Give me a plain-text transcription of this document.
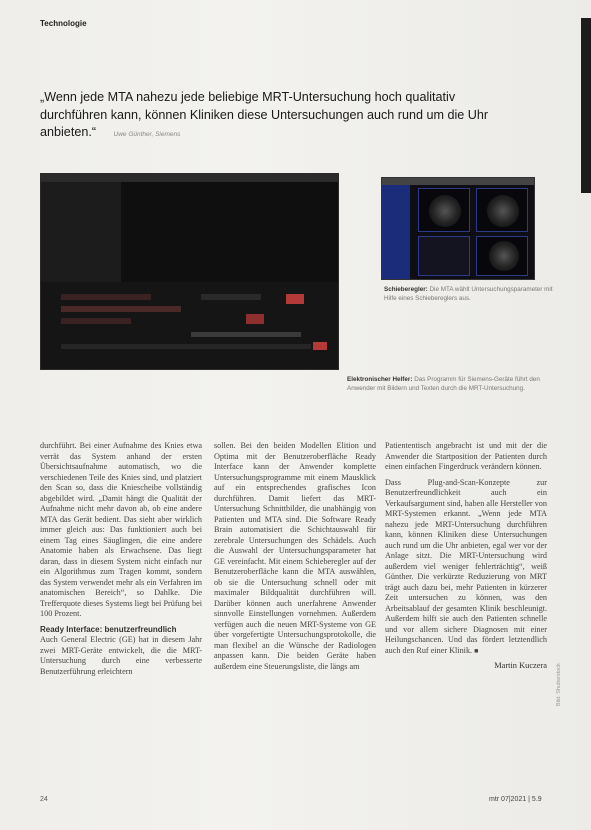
Technologie
„Wenn jede MTA nahezu jede beliebige MRT-Untersuchung hoch qualitativ durchführen kann, können Kliniken diese Untersuchungen auch rund um die Uhr anbieten.“	Uwe Günther, Siemens
Schieberegler: Die MTA wählt Untersuchungsparameter mit Hilfe eines Schiebereglers aus.
Elektronischer Helfer: Das Programm für Siemens-Geräte führt den Anwender mit Bildern und Texten durch die MRT-Untersuchung.

durchführt. Bei einer Aufnahme des Knies etwa verrät das System anhand der ersten Übersichtsaufnahme automatisch, wo die verschiedenen Teile des Knies sind, und platziert den Scan so, dass die Kniescheibe vollständig abgebildet wird. „Damit hängt die Qualität der Aufnahme nicht mehr davon ab, ob eine andere MTA das Gerät bedient. Das sieht aber wirklich immer gleich aus: Das funktioniert auch bei einem Tag eines Säuglingen, die eine andere Anatomie haben als Erwachsene. Das liegt daran, dass in diesem System nicht einfach nur ein Algorithmus zum Tragen kommt, sondern das System verwendet mehr als ein Verfahren im anatomischen Bereich“, so Dahlke. Die Trefferquote dieses Systems liegt bei Prüfung bei 100 Prozent.

Ready Interface: benutzerfreundlich

Auch General Electric (GE) hat in diesem Jahr zwei MRT-Geräte entwickelt, die die MRT-Untersuchung durch eine verbesserte Benutzerführung erleichtern

sollen. Bei den beiden Modellen Elition und Optima mit der Benutzeroberfläche Ready Interface kann der Anwender komplette Untersuchungsprogramme mit einem Mausklick auf ein entsprechendes grafisches Icon durchführen. Damit liefert das MRT-Untersuchung Schnittbilder, die unabhängig von Patienten und MTA sind. Die Software Ready Brain automatisiert die Schichtauswahl für zerebrale Untersuchungen des Schädels. Auch die Auswahl der Untersuchungsparameter hat GE vereinfacht. Mit einem Schieberegler auf der Benutzeroberfläche kann die MTA auswählen, ob sie die Untersuchung schnell oder mit maximaler Bildqualität durchführen will. Darüber können auch unerfahrene Anwender sinnvolle Einstellungen vornehmen. Außerdem verfügen auch die neuen MRT-Systeme von GE über vorgefertigte Untersuchungsprotokolle, die man flexibel an die Wünsche der Radiologen anpassen kann. Die beiden Geräte haben außerdem eine Steuerungsliste, die längs am

Patiententisch angebracht ist und mit der die Anwender die Startposition der Patienten durch einen einfachen Fingerdruck verändern können.

Dass Plug-and-Scan-Konzepte zur Benutzerfreundlichkeit auch ein Verkaufsargument sind, haben alle Hersteller von MRT-Systemen erkannt. „Wenn jede MTA nahezu jede MRT-Untersuchung durchführen kann, können Kliniken diese Untersuchungen auch rund um die Uhr anbieten, egal wer vor der Anlage sitzt. Die MRT-Untersuchung wird außerdem viel weniger fehlerträchtig“, weiß Günther. Die verkürzte Reduzierung von MRT trägt auch dazu bei, mehr Patienten in kürzerer Zeit untersuchen zu können, was den Arbeitsablauf der gesamten Klinik beschleunigt. Außerdem hilft sie auch den Patienten schnelle und vor allem sichere Diagnosen mit einer Heilungschancen. Und das fördert letztendlich auch den Ruf einer Klinik. ■

Martin Kuczera Bild: Shutterstock
24	mtr 07|2021 | 5.9
